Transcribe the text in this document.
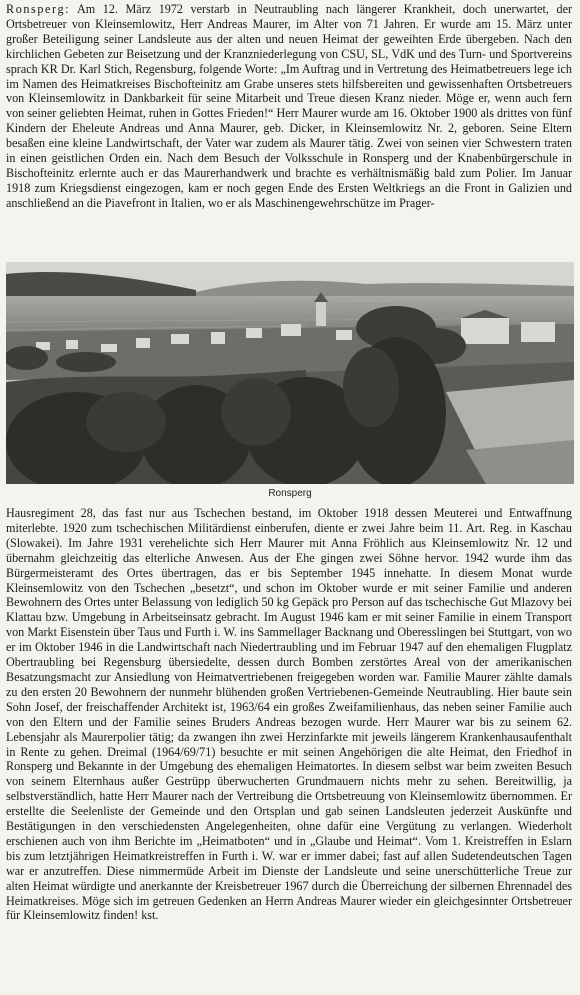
Ronsperg: Am 12. März 1972 verstarb in Neutraubling nach längerer Krankheit, doch unerwartet, der Ortsbetreuer von Kleinsemlowitz, Herr Andreas Maurer, im Alter von 71 Jahren. Er wurde am 15. März unter großer Beteiligung seiner Landsleute aus der alten und neuen Heimat der geweihten Erde übergeben. Nach den kirchlichen Gebeten zur Beisetzung und der Kranzniederlegung von CSU, SL, VdK und des Turn- und Sportvereins sprach KR Dr. Karl Stich, Regensburg, folgende Worte: „Im Auftrag und in Vertretung des Heimatbetreuers lege ich im Namen des Heimatkreises Bischofteinitz am Grabe unseres stets hilfsbereiten und gewissenhaften Ortsbetreuers von Kleinsemlowitz in Dankbarkeit für seine Mitarbeit und Treue diesen Kranz nieder. Möge er, wenn auch fern von seiner geliebten Heimat, ruhen in Gottes Frieden!“ Herr Maurer wurde am 16. Oktober 1900 als drittes von fünf Kindern der Eheleute Andreas und Anna Maurer, geb. Dicker, in Kleinsemlowitz Nr. 2, geboren. Seine Eltern besaßen eine kleine Landwirtschaft, der Vater war zudem als Maurer tätig. Zwei von seinen vier Schwestern traten in einen geistlichen Orden ein. Nach dem Besuch der Volksschule in Ronsperg und der Knabenbürgerschule in Bischofteinitz erlernte auch er das Maurerhandwerk und brachte es verhältnismäßig bald zum Polier. Im Januar 1918 zum Kriegsdienst eingezogen, kam er noch gegen Ende des Ersten Weltkriegs an die Front in Galizien und anschließend an die Piavefront in Italien, wo er als Maschinengewehrschütze im Prager-
Ronsperg
Hausregiment 28, das fast nur aus Tschechen bestand, im Oktober 1918 dessen Meuterei und Entwaffnung miterlebte. 1920 zum tschechischen Militärdienst einberufen, diente er zwei Jahre beim 11. Art. Reg. in Kaschau (Slowakei). Im Jahre 1931 verehelichte sich Herr Maurer mit Anna Fröhlich aus Kleinsemlowitz Nr. 12 und übernahm gleichzeitig das elterliche Anwesen. Aus der Ehe gingen zwei Söhne hervor. 1942 wurde ihm das Bürgermeisteramt des Ortes übertragen, das er bis September 1945 innehatte. In diesem Monat wurde Kleinsemlowitz von den Tschechen „besetzt“, und schon im Oktober wurde er mit seiner Familie und anderen Bewohnern des Ortes unter Belassung von lediglich 50 kg Gepäck pro Person auf das tschechische Gut Mlazovy bei Klattau bzw. Umgebung in Arbeitseinsatz gebracht. Im August 1946 kam er mit seiner Familie in einem Transport von Markt Eisenstein über Taus und Furth i. W. ins Sammellager Backnang und Oberesslingen bei Stuttgart, von wo er im Oktober 1946 in die Landwirtschaft nach Niedertraubling und im Februar 1947 auf den ehemaligen Flugplatz Obertraubling bei Regensburg übersiedelte, dessen durch Bomben zerstörtes Areal von der amerikanischen Besatzungsmacht zur Ansiedlung von Heimatvertriebenen freigegeben worden war. Familie Maurer zählte damals zu den ersten 20 Bewohnern der nunmehr blühenden großen Vertriebenen-Gemeinde Neutraubling. Hier baute sein Sohn Josef, der freischaffender Architekt ist, 1963/64 ein großes Zweifamilienhaus, das neben seiner Familie auch von den Eltern und der Familie seines Bruders Andreas bezogen wurde. Herr Maurer war bis zu seinem 62. Lebensjahr als Maurerpolier tätig; da zwangen ihn zwei Herzinfarkte mit jeweils längerem Krankenhausaufenthalt in Rente zu gehen. Dreimal (1964/69/71) besuchte er mit seinen Angehörigen die alte Heimat, den Friedhof in Ronsperg und Bekannte in der Umgebung des ehemaligen Heimatortes. In diesem selbst war beim zweiten Besuch von seinem Elternhaus außer Gestrüpp überwucherten Grundmauern nichts mehr zu sehen. Bereitwillig, ja selbstverständlich, hatte Herr Maurer nach der Vertreibung die Ortsbetreuung von Kleinsemlowitz übernommen. Er erstellte die Seelenliste der Gemeinde und den Ortsplan und gab seinen Landsleuten jederzeit Auskünfte und Bestätigungen in den verschiedensten Angelegenheiten, ohne dafür eine Vergütung zu verlangen. Wiederholt erschienen auch von ihm Berichte im „Heimatboten“ und in „Glaube und Heimat“. Vom 1. Kreistreffen in Eslarn bis zum letztjährigen Heimatkreistreffen in Furth i. W. war er immer dabei; fast auf allen Sudetendeutschen Tagen war er anzutreffen. Diese nimmermüde Arbeit im Dienste der Landsleute und seine unerschütterliche Treue zur alten Heimat würdigte und anerkannte der Kreisbetreuer 1967 durch die Überreichung der silbernen Ehrennadel des Heimatkreises. Möge sich im getreuen Gedenken an Herrn Andreas Maurer wieder ein gleichgesinnter Ortsbetreuer für Kleinsemlowitz finden! kst.
